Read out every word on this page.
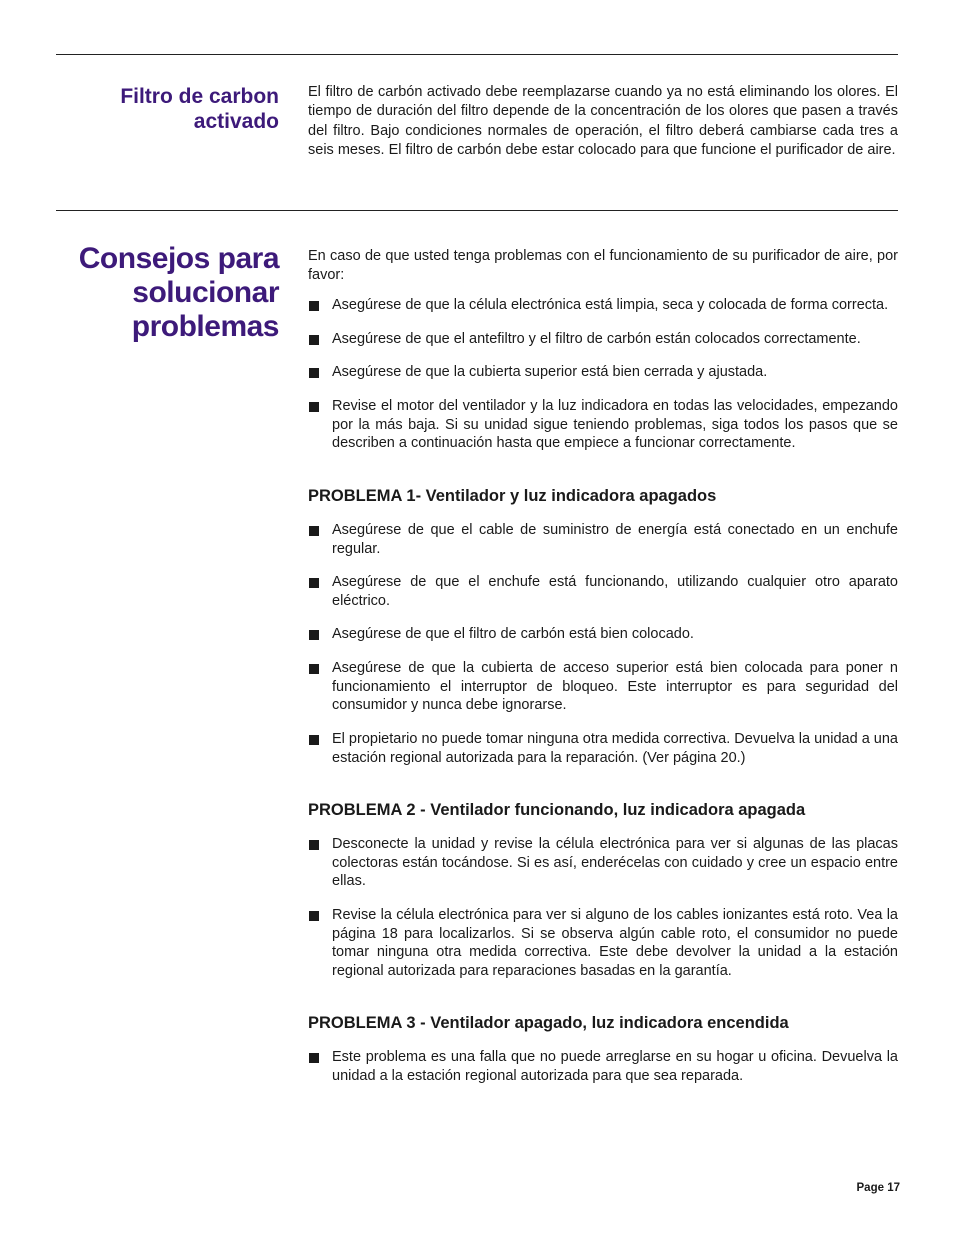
Filtro de carbon activado

El filtro de carbón activado debe reemplazarse cuando ya no está eliminando los olores. El tiempo de duración del filtro depende de la concentración de los olores que pasen a través del filtro. Bajo condiciones normales de operación, el filtro deberá cambiarse cada tres a seis meses. El filtro de carbón debe estar colocado para que funcione el purificador de aire.

Consejos para solucionar problemas

En caso de que usted tenga problemas con el funcionamiento de su purificador de aire, por favor:

Asegúrese de que la célula electrónica está limpia, seca y colocada de forma correcta.
Asegúrese de que el antefiltro y el filtro de carbón están colocados correctamente.
Asegúrese de que la cubierta superior está bien cerrada y ajustada.
Revise el motor del ventilador y la luz indicadora en todas las velocidades, empezando por la más baja. Si su unidad sigue teniendo problemas, siga todos los pasos que se describen a continuación hasta que empiece a funcionar correctamente.
PROBLEMA 1- Ventilador y luz indicadora apagados
Asegúrese de que el cable de suministro de energía está conectado en un enchufe regular.
Asegúrese de que el enchufe está funcionando, utilizando cualquier otro aparato eléctrico.
Asegúrese de que el filtro de carbón está bien colocado.
Asegúrese de que la cubierta de acceso superior está bien colocada para poner n funcionamiento el interruptor de bloqueo. Este interruptor es para seguridad del consumidor y nunca debe ignorarse.
El propietario no puede tomar ninguna otra medida correctiva. Devuelva la unidad a una estación regional autorizada para la reparación. (Ver página 20.)
PROBLEMA 2 - Ventilador funcionando, luz indicadora apagada
Desconecte la unidad y revise la célula electrónica para ver si algunas de las placas colectoras están tocándose. Si es así, enderécelas con cuidado y cree un espacio entre ellas.
Revise la célula electrónica para ver si alguno de los cables ionizantes está roto. Vea la página 18 para localizarlos. Si se observa algún cable roto, el consumidor no puede tomar ninguna otra medida correctiva. Este debe devolver la unidad a la estación regional autorizada para reparaciones basadas en la garantía.
PROBLEMA 3 - Ventilador apagado, luz indicadora encendida
Este problema es una falla que no puede arreglarse en su hogar u oficina. Devuelva la unidad a la estación regional autorizada para que sea reparada.
Page 17
